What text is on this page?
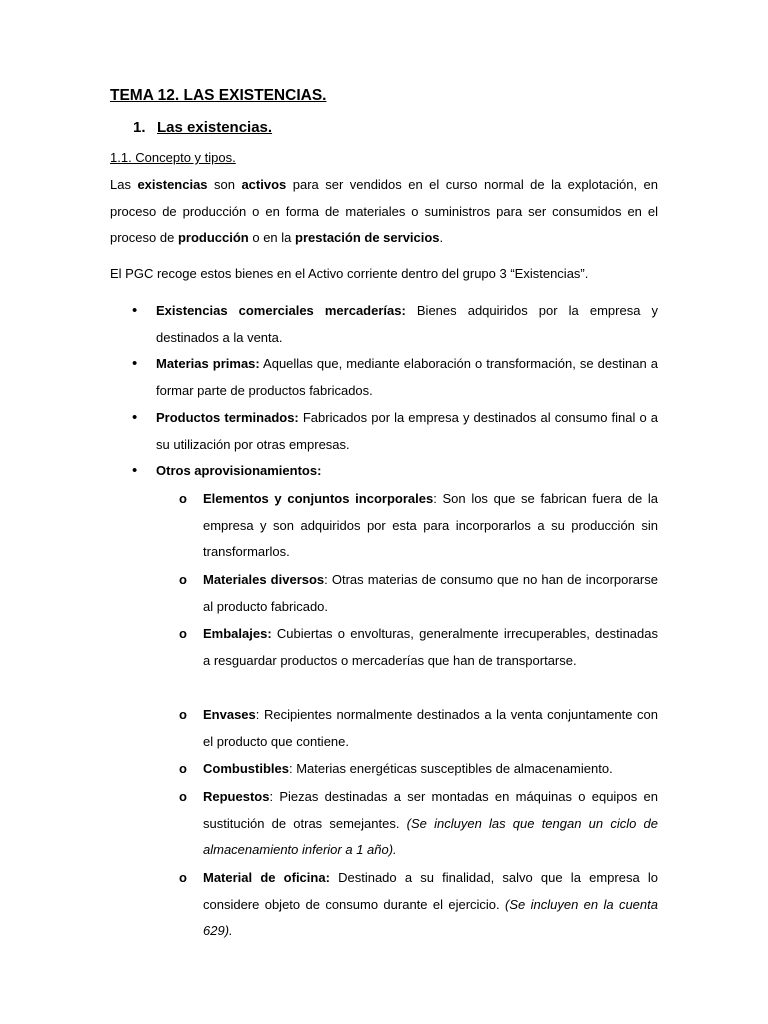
TEMA 12. LAS EXISTENCIAS.
1. Las existencias.
1.1. Concepto y tipos.
Las existencias son activos para ser vendidos en el curso normal de la explotación, en proceso de producción o en forma de materiales o suministros para ser consumidos en el proceso de producción o en la prestación de servicios.
El PGC recoge estos bienes en el Activo corriente dentro del grupo 3 “Existencias”.
• Existencias comerciales mercaderías: Bienes adquiridos por la empresa y destinados a la venta.
• Materias primas: Aquellas que, mediante elaboración o transformación, se destinan a formar parte de productos fabricados.
• Productos terminados: Fabricados por la empresa y destinados al consumo final o a su utilización por otras empresas.
• Otros aprovisionamientos:
o Elementos y conjuntos incorporales: Son los que se fabrican fuera de la empresa y son adquiridos por esta para incorporarlos a su producción sin transformarlos.
o Materiales diversos: Otras materias de consumo que no han de incorporarse al producto fabricado.
o Embalajes: Cubiertas o envolturas, generalmente irrecuperables, destinadas a resguardar productos o mercaderías que han de transportarse.
o Envases: Recipientes normalmente destinados a la venta conjuntamente con el producto que contiene.
o Combustibles: Materias energéticas susceptibles de almacenamiento.
o Repuestos: Piezas destinadas a ser montadas en máquinas o equipos en sustitución de otras semejantes. (Se incluyen las que tengan un ciclo de almacenamiento inferior a 1 año).
o Material de oficina: Destinado a su finalidad, salvo que la empresa lo considere objeto de consumo durante el ejercicio. (Se incluyen en la cuenta 629).
